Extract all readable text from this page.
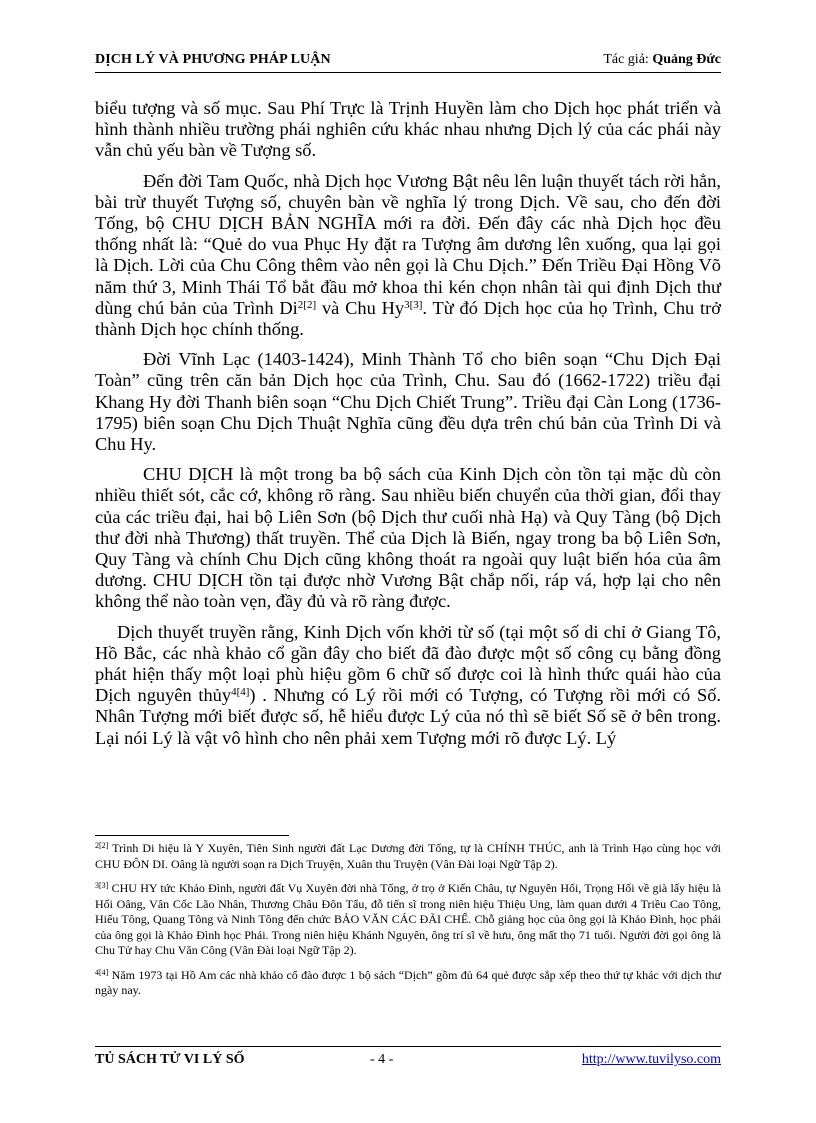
DỊCH LÝ VÀ PHƯƠNG PHÁP LUẬN	Tác giả: Quảng Đức

biểu tượng và số mục. Sau Phí Trực là Trịnh Huyền làm cho Dịch học phát triển và hình thành nhiều trường phái nghiên cứu khác nhau nhưng Dịch lý của các phái này vẫn chủ yếu bàn về Tượng số.

Đến đời Tam Quốc, nhà Dịch học Vương Bật nêu lên luận thuyết tách rời hẳn, bài trừ thuyết Tượng số, chuyên bàn về nghĩa lý trong Dịch. Về sau, cho đến đời Tống, bộ CHU DỊCH BẢN NGHĨA mới ra đời. Đến đây các nhà Dịch học đều thống nhất là: “Quẻ do vua Phục Hy đặt ra Tượng âm dương lên xuống, qua lại gọi là Dịch. Lời của Chu Công thêm vào nên gọi là Chu Dịch.” Đến Triều Đại Hồng Võ năm thứ 3, Minh Thái Tổ bắt đầu mở khoa thi kén chọn nhân tài qui định Dịch thư dùng chú bản của Trình $Di^{2[2]}$ và Chu $Hy^{3[3]}$. Từ đó Dịch học của họ Trình, Chu trở thành Dịch học chính thống.

Đời Vĩnh Lạc (1403-1424), Minh Thành Tổ cho biên soạn “Chu Dịch Đại Toàn” cũng trên căn bản Dịch học của Trình, Chu. Sau đó (1662-1722) triều đại Khang Hy đời Thanh biên soạn “Chu Dịch Chiết Trung”. Triều đại Càn Long (1736-1795) biên soạn Chu Dịch Thuật Nghĩa cũng đều dựa trên chú bản của Trình Di và Chu Hy.

CHU DỊCH là một trong ba bộ sách của Kinh Dịch còn tồn tại mặc dù còn nhiều thiết sót, cắc cớ, không rõ ràng. Sau nhiều biến chuyển của thời gian, đổi thay của các triều đại, hai bộ Liên Sơn (bộ Dịch thư cuối nhà Hạ) và Quy Tàng (bộ Dịch thư đời nhà Thương) thất truyền. Thể của Dịch là Biến, ngay trong ba bộ Liên Sơn, Quy Tàng và chính Chu Dịch cũng không thoát ra ngoài quy luật biến hóa của âm dương. CHU DỊCH tồn tại được nhờ Vương Bật chắp nối, ráp vá, hợp lại cho nên không thể nào toàn vẹn, đầy đủ và rõ ràng được.

Dịch thuyết truyền rằng, Kinh Dịch vốn khởi từ số (tại một số di chỉ ở Giang Tô, Hồ Bắc, các nhà khảo cổ gần đây cho biết đã đào được một số công cụ bằng đồng phát hiện thấy một loại phù hiệu gồm 6 chữ số được coi là hình thức quái hào của Dịch nguyên thủy$^{4[4]}$) . Nhưng có Lý rồi mới có Tượng, có Tượng rồi mới có Số. Nhân Tượng mới biết được số, hễ hiểu được Lý của nó thì sẽ biết Số sẽ ở bên trong. Lại nói Lý là vật vô hình cho nên phải xem Tượng mới rõ được Lý. Lý

$^{2[2]}$ Trình Di hiệu là Y Xuyên, Tiên Sinh người đất Lạc Dương đời Tống, tự là CHÍNH THÚC, anh là Trình Hạo cùng học với CHU ĐÔN DI. Oâng là người soạn ra Dịch Truyện, Xuân thu Truyện (Vân Đài loại Ngữ Tập 2).

$^{3[3]}$ CHU HY tức Khảo Đình, người đất Vụ Xuyên đời nhà Tống, ở trọ ở Kiến Châu, tự Nguyên Hối, Trọng Hối về già lấy hiệu là Hối Oâng, Vân Cốc Lão Nhân, Thương Châu Đôn Tẩu, đỗ tiến sĩ trong niên hiệu Thiệu Ung, làm quan dưới 4 Triều Cao Tông, Hiếu Tông, Quang Tông và Ninh Tông đến chức BẢO VĂN CÁC ĐÃI CHẾ. Chỗ giảng học của ông gọi là Khảo Đình, học phái của ông gọi là Khảo Đình học Phái. Trong niên hiệu Khánh Nguyên, ông trí sĩ về hưu, ông mất thọ 71 tuổi. Người đời gọi ông là Chu Tử hay Chu Văn Công (Vân Đài loại Ngữ Tập 2).

$^{4[4]}$ Năm 1973 tại Hồ Am các nhà khảo cổ đào được 1 bộ sách “Dịch” gồm đủ 64 quẻ được sắp xếp theo thứ tự khác với dịch thư ngày nay.

TỦ SÁCH TỬ VI LÝ SỐ	- 4 -	http://www.tuvilyso.com
